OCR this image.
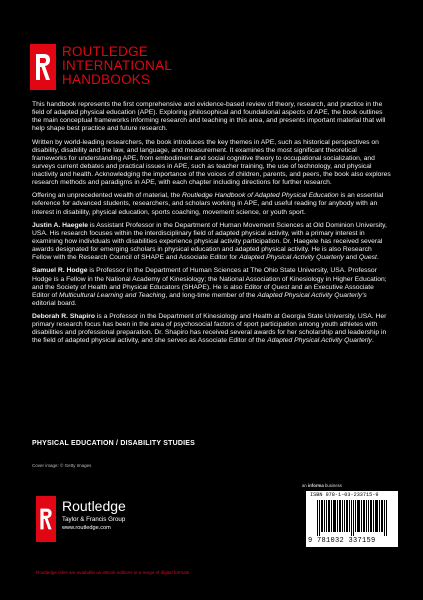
ROUTLEDGE
INTERNATIONAL
HANDBOOKS

This handbook represents the first comprehensive and evidence-based review of theory, research, and practice in the field of adapted physical education (APE). Exploring philosophical and foundational aspects of APE, the book outlines the main conceptual frameworks informing research and teaching in this area, and presents important material that will help shape best practice and future research.

Written by world-leading researchers, the book introduces the key themes in APE, such as historical perspectives on disability, disability and the law, and language, and measurement. It examines the most significant theoretical frameworks for understanding APE, from embodiment and social cognitive theory to occupational socialization, and surveys current debates and practical issues in APE, such as teacher training, the use of technology, and physical inactivity and health. Acknowledging the importance of the voices of children, parents, and peers, the book also explores research methods and paradigms in APE, with each chapter including directions for further research.

Offering an unprecedented wealth of material, the Routledge Handbook of Adapted Physical Education is an essential reference for advanced students, researchers, and scholars working in APE, and useful reading for anybody with an interest in disability, physical education, sports coaching, movement science, or youth sport.

Justin A. Haegele is Assistant Professor in the Department of Human Movement Sciences at Old Dominion University, USA. His research focuses within the interdisciplinary field of adapted physical activity, with a primary interest in examining how individuals with disabilities experience physical activity participation. Dr. Haegele has received several awards designated for emerging scholars in physical education and adapted physical activity. He is also Research Fellow with the Research Council of SHAPE and Associate Editor for Adapted Physical Activity Quarterly and Quest.

Samuel R. Hodge is Professor in the Department of Human Sciences at The Ohio State University, USA. Professor Hodge is a Fellow in the National Academy of Kinesiology; the National Association of Kinesiology in Higher Education; and the Society of Health and Physical Educators (SHAPE). He is also Editor of Quest and an Executive Associate Editor of Multicultural Learning and Teaching, and long-time member of the Adapted Physical Activity Quarterly's editorial board.

Deborah R. Shapiro is a Professor in the Department of Kinesiology and Health at Georgia State University, USA. Her primary research focus has been in the area of psychosocial factors of sport participation among youth athletes with disabilities and professional preparation. Dr. Shapiro has received several awards for her scholarship and leadership in the field of adapted physical activity, and she serves as Associate Editor of the Adapted Physical Activity Quarterly.

PHYSICAL EDUCATION / DISABILITY STUDIES
Cover image: © Getty Images
an informa business
Routledge
Taylor & Francis Group
www.routledge.com
ISBN 978-1-03-233715-9
9 781032 337159
Routledge titles are available as eBook editions in a range of digital formats
